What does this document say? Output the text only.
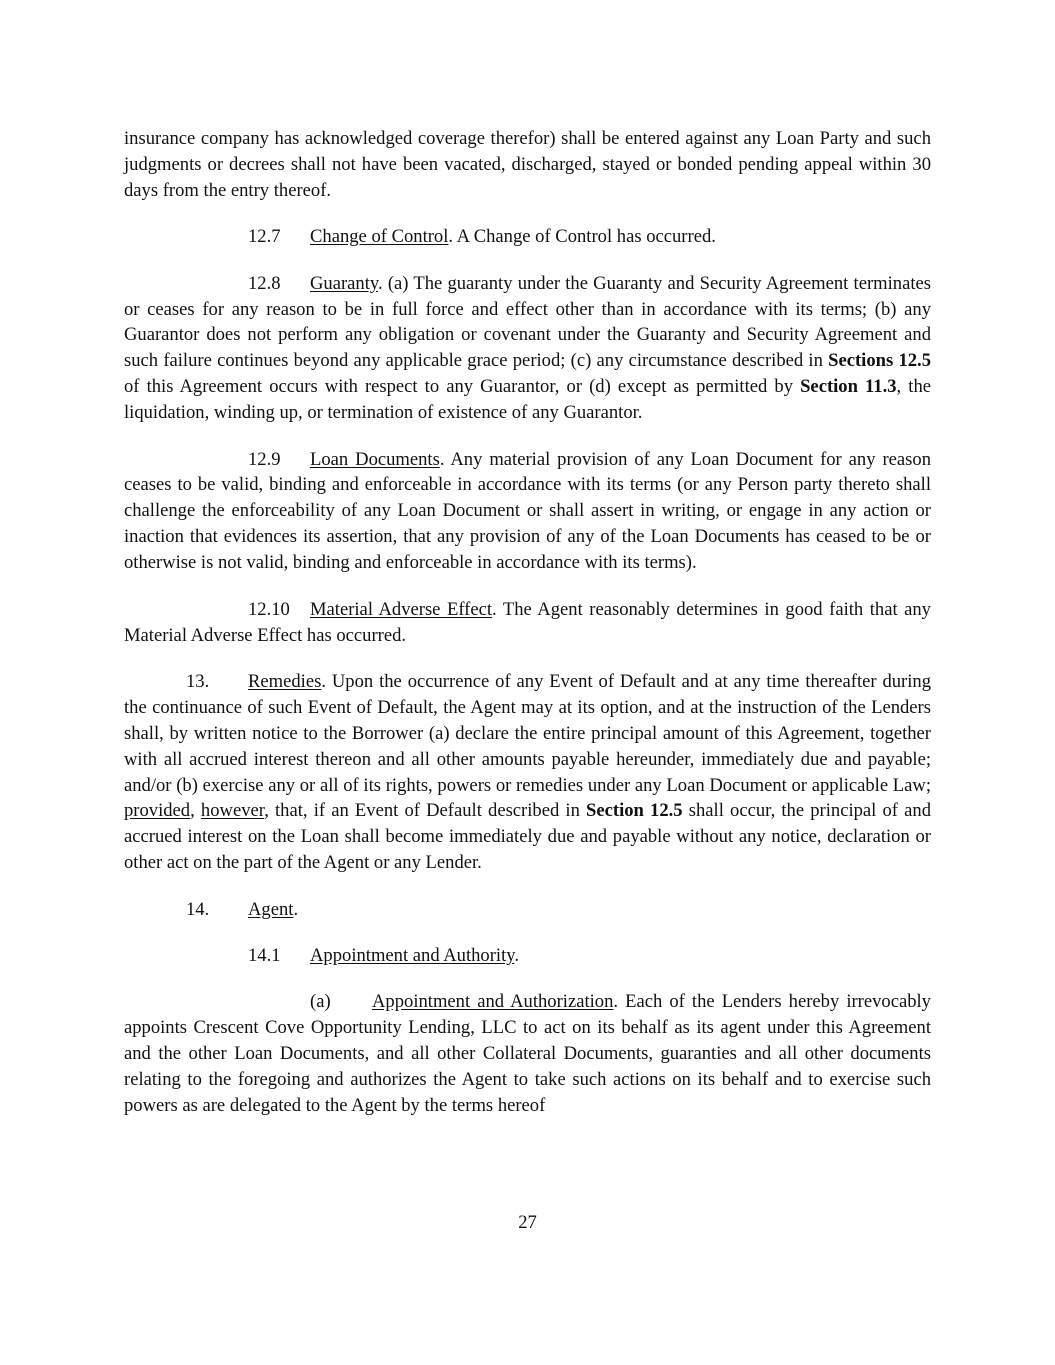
insurance company has acknowledged coverage therefor) shall be entered against any Loan Party and such judgments or decrees shall not have been vacated, discharged, stayed or bonded pending appeal within 30 days from the entry thereof.

12.7 Change of Control. A Change of Control has occurred.

12.8 Guaranty. (a) The guaranty under the Guaranty and Security Agreement terminates or ceases for any reason to be in full force and effect other than in accordance with its terms; (b) any Guarantor does not perform any obligation or covenant under the Guaranty and Security Agreement and such failure continues beyond any applicable grace period; (c) any circumstance described in Sections 12.5 of this Agreement occurs with respect to any Guarantor, or (d) except as permitted by Section 11.3, the liquidation, winding up, or termination of existence of any Guarantor.

12.9 Loan Documents. Any material provision of any Loan Document for any reason ceases to be valid, binding and enforceable in accordance with its terms (or any Person party thereto shall challenge the enforceability of any Loan Document or shall assert in writing, or engage in any action or inaction that evidences its assertion, that any provision of any of the Loan Documents has ceased to be or otherwise is not valid, binding and enforceable in accordance with its terms).

12.10 Material Adverse Effect. The Agent reasonably determines in good faith that any Material Adverse Effect has occurred.

13. Remedies. Upon the occurrence of any Event of Default and at any time thereafter during the continuance of such Event of Default, the Agent may at its option, and at the instruction of the Lenders shall, by written notice to the Borrower (a) declare the entire principal amount of this Agreement, together with all accrued interest thereon and all other amounts payable hereunder, immediately due and payable; and/or (b) exercise any or all of its rights, powers or remedies under any Loan Document or applicable Law; provided, however, that, if an Event of Default described in Section 12.5 shall occur, the principal of and accrued interest on the Loan shall become immediately due and payable without any notice, declaration or other act on the part of the Agent or any Lender.

14. Agent.

14.1 Appointment and Authority.

(a) Appointment and Authorization. Each of the Lenders hereby irrevocably appoints Crescent Cove Opportunity Lending, LLC to act on its behalf as its agent under this Agreement and the other Loan Documents, and all other Collateral Documents, guaranties and all other documents relating to the foregoing and authorizes the Agent to take such actions on its behalf and to exercise such powers as are delegated to the Agent by the terms hereof

27
